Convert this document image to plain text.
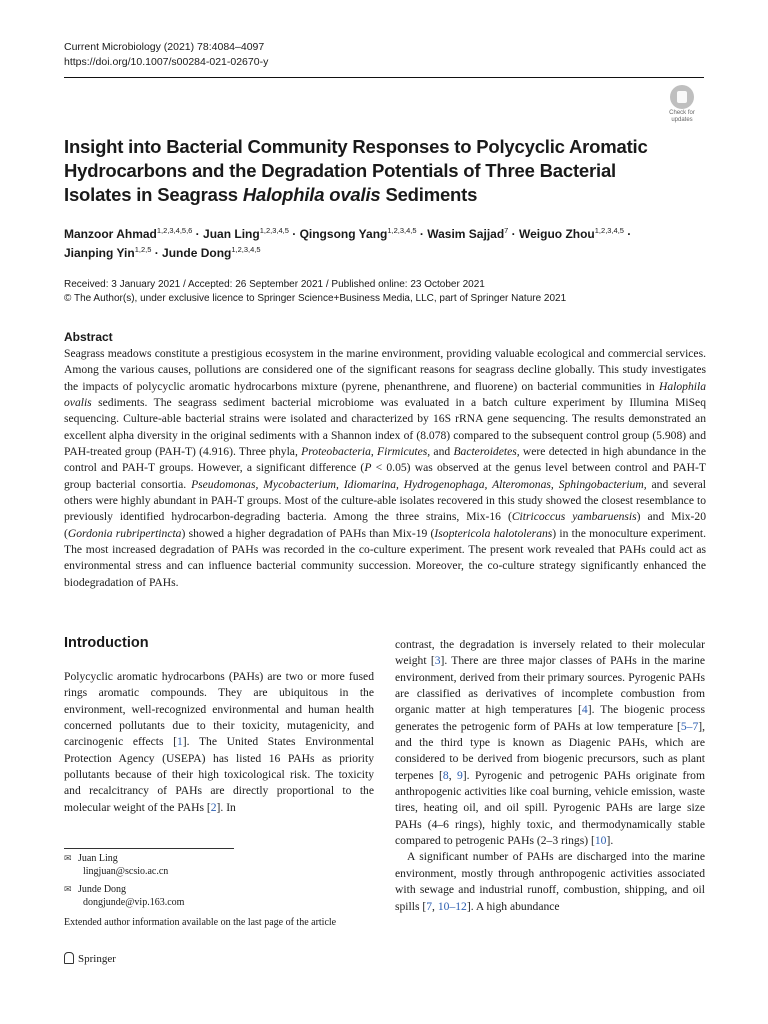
Current Microbiology (2021) 78:4084–4097
https://doi.org/10.1007/s00284-021-02670-y
Check for
updates
Insight into Bacterial Community Responses to Polycyclic Aromatic
Hydrocarbons and the Degradation Potentials of Three Bacterial
Isolates in Seagrass Halophila ovalis Sediments
Manzoor Ahmad$^{1,2,3,4,5,6}$ · Juan Ling$^{1,2,3,4,5}$ · Qingsong Yang$^{1,2,3,4,5}$ · Wasim Sajjad$^7$ · Weiguo Zhou$^{1,2,3,4,5}$ ·
Jianping Yin$^{1,2,5}$ · Junde Dong$^{1,2,3,4,5}$
Received: 3 January 2021 / Accepted: 26 September 2021 / Published online: 23 October 2021
© The Author(s), under exclusive licence to Springer Science+Business Media, LLC, part of Springer Nature 2021
Abstract
Seagrass meadows constitute a prestigious ecosystem in the marine environment, providing valuable ecological and commercial services. Among the various causes, pollutions are considered one of the significant reasons for seagrass decline globally. This study investigates the impacts of polycyclic aromatic hydrocarbons mixture (pyrene, phenanthrene, and fluorene) on bacterial communities in Halophila ovalis sediments. The seagrass sediment bacterial microbiome was evaluated in a batch culture experiment by Illumina MiSeq sequencing. Culture-able bacterial strains were isolated and characterized by 16S rRNA gene sequencing. The results demonstrated an excellent alpha diversity in the original sediments with a Shannon index of (8.078) compared to the subsequent control group (5.908) and PAH-treated group (PAH-T) (4.916). Three phyla, Proteobacteria, Firmicutes, and Bacteroidetes, were detected in high abundance in the control and PAH-T groups. However, a significant difference (P < 0.05) was observed at the genus level between control and PAH-T group bacterial consortia. Pseudomonas, Mycobacterium, Idiomarina, Hydrogenophaga, Alteromonas, Sphingobacterium, and several others were highly abundant in PAH-T groups. Most of the culture-able isolates recovered in this study showed the closest resemblance to previously identified hydrocarbon-degrading bacteria. Among the three strains, Mix-16 (Citricoccus yambaruensis) and Mix-20 (Gordonia rubripertincta) showed a higher degradation of PAHs than Mix-19 (Isoptericola halotolerans) in the monoculture experiment. The most increased degradation of PAHs was recorded in the co-culture experiment. The present work revealed that PAHs could act as environmental stress and can influence bacterial community succession. Moreover, the co-culture strategy significantly enhanced the biodegradation of PAHs.
Introduction

Polycyclic aromatic hydrocarbons (PAHs) are two or more fused rings aromatic compounds. They are ubiquitous in the environment, well-recognized environmental and human health concerned pollutants due to their toxicity, mutagenicity, and carcinogenic effects [1]. The United States Environmental Protection Agency (USEPA) has listed 16 PAHs as priority pollutants because of their high toxicological risk. The toxicity and recalcitrancy of PAHs are directly proportional to the molecular weight of the PAHs [2]. In

contrast, the degradation is inversely related to their molecular weight [3]. There are three major classes of PAHs in the marine environment, derived from their primary sources. Pyrogenic PAHs are classified as derivatives of incomplete combustion from organic matter at high temperatures [4]. The biogenic process generates the petrogenic form of PAHs at low temperature [5–7], and the third type is known as Diagenic PAHs, which are considered to be derived from biogenic precursors, such as plant terpenes [8, 9]. Pyrogenic and petrogenic PAHs originate from anthropogenic activities like coal burning, vehicle emission, waste tires, heating oil, and oil spill. Pyrogenic PAHs are large size PAHs (4–6 rings), highly toxic, and thermodynamically stable compared to petrogenic PAHs (2–3 rings) [10].

A significant number of PAHs are discharged into the marine environment, mostly through anthropogenic activities associated with sewage and industrial runoff, combustion, shipping, and oil spills [7, 10–12]. A high abundance

✉ Juan Ling
lingjuan@scsio.ac.cn
✉ Junde Dong
dongjunde@vip.163.com
Extended author information available on the last page of the article
Springer
